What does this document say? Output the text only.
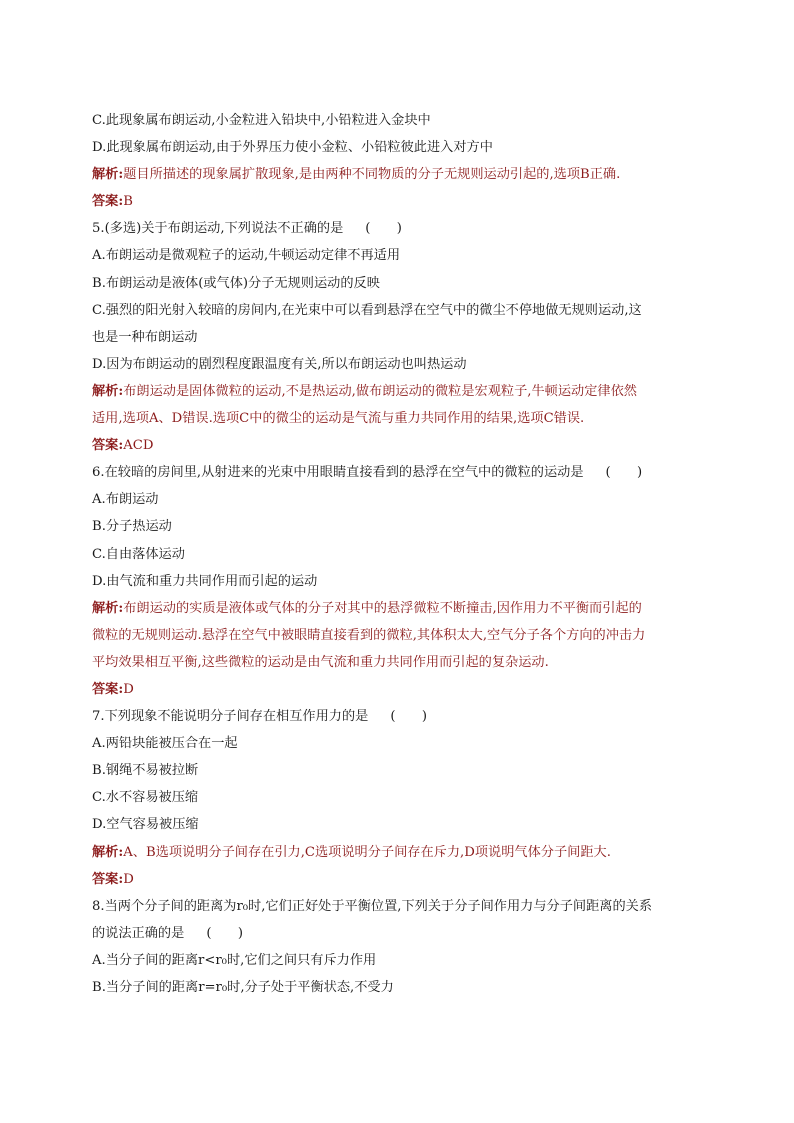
C.此现象属布朗运动,小金粒进入铅块中,小铅粒进入金块中
D.此现象属布朗运动,由于外界压力使小金粒、小铅粒彼此进入对方中
解析:题目所描述的现象属扩散现象,是由两种不同物质的分子无规则运动引起的,选项B正确.
答案:B
5.(多选)关于布朗运动,下列说法不正确的是 (　　)
A.布朗运动是微观粒子的运动,牛顿运动定律不再适用
B.布朗运动是液体(或气体)分子无规则运动的反映
C.强烈的阳光射入较暗的房间内,在光束中可以看到悬浮在空气中的微尘不停地做无规则运动,这
也是一种布朗运动
D.因为布朗运动的剧烈程度跟温度有关,所以布朗运动也叫热运动
解析:布朗运动是固体微粒的运动,不是热运动,做布朗运动的微粒是宏观粒子,牛顿运动定律依然
适用,选项A、D错误.选项C中的微尘的运动是气流与重力共同作用的结果,选项C错误.
答案:ACD
6.在较暗的房间里,从射进来的光束中用眼睛直接看到的悬浮在空气中的微粒的运动是 (　　)
A.布朗运动
B.分子热运动
C.自由落体运动
D.由气流和重力共同作用而引起的运动
解析:布朗运动的实质是液体或气体的分子对其中的悬浮微粒不断撞击,因作用力不平衡而引起的
微粒的无规则运动.悬浮在空气中被眼睛直接看到的微粒,其体积太大,空气分子各个方向的冲击力
平均效果相互平衡,这些微粒的运动是由气流和重力共同作用而引起的复杂运动.
答案:D
7.下列现象不能说明分子间存在相互作用力的是 (　　)
A.两铅块能被压合在一起
B.钢绳不易被拉断
C.水不容易被压缩
D.空气容易被压缩
解析:A、B选项说明分子间存在引力,C选项说明分子间存在斥力,D项说明气体分子间距大.
答案:D
8.当两个分子间的距离为r₀时,它们正好处于平衡位置,下列关于分子间作用力与分子间距离的关系
的说法正确的是 (　　)
A.当分子间的距离r<r₀时,它们之间只有斥力作用
B.当分子间的距离r=r₀时,分子处于平衡状态,不受力
